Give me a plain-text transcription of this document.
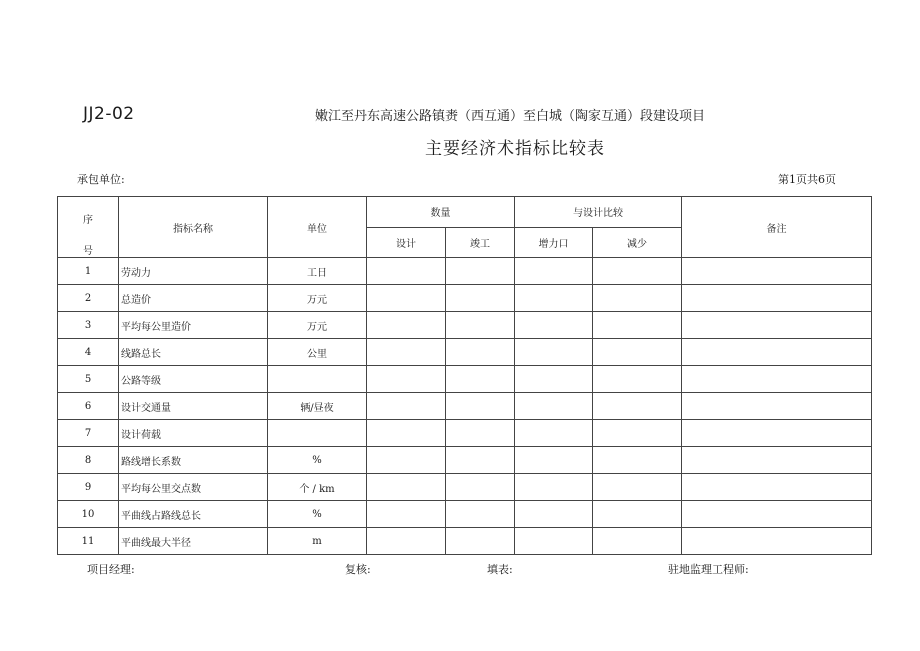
JJ2-02	嫩江至丹东高速公路镇赉（西互通）至白城（陶家互通）段建设项目
主要经济术指标比较表
承包单位:	第1页共6页
序
号	指标名称	单位	数量		与设计比较		备注
			设计	竣工	增力口	减少	
1	劳动力	工日					
2	总造价	万元					
3	平均每公里造价	万元					
4	线路总长	公里					
5	公路等级						
6	设计交通量	辆/昼夜					
7	设计荷载						
8	路线增长系数	%					
9	平均每公里交点数	个 / km					
10	平曲线占路线总长	%					
11	平曲线最大半径	m					
项目经理:	复核:	填表:	驻地监理工程师:
